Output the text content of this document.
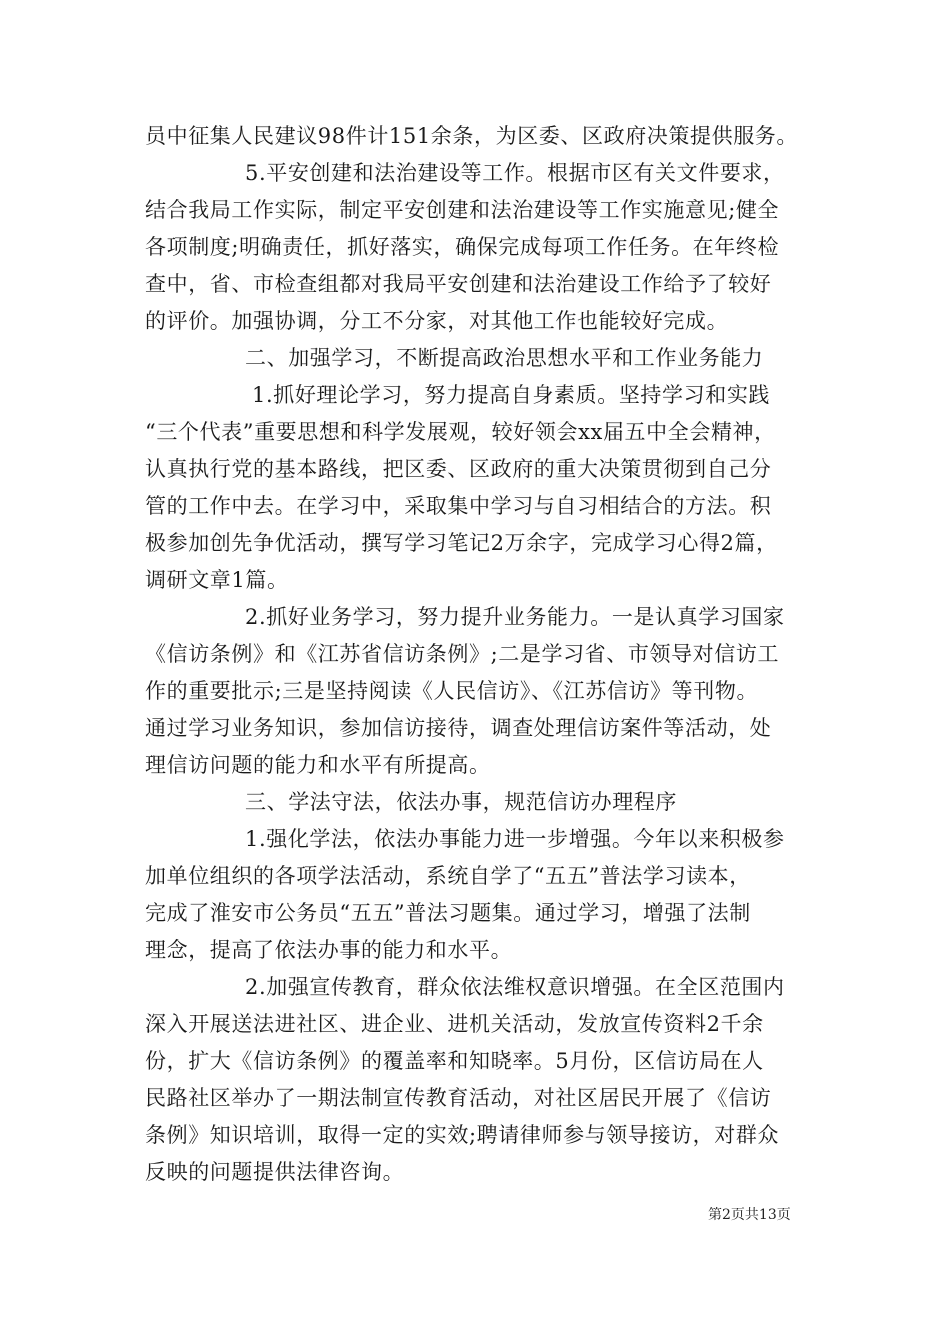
员中征集人民建议98件计151余条，为区委、区政府决策提供服务。
5.平安创建和法治建设等工作。根据市区有关文件要求，
结合我局工作实际，制定平安创建和法治建设等工作实施意见;健全
各项制度;明确责任，抓好落实，确保完成每项工作任务。在年终检
查中，省、市检查组都对我局平安创建和法治建设工作给予了较好
的评价。加强协调，分工不分家，对其他工作也能较好完成。
二、加强学习，不断提高政治思想水平和工作业务能力
1.抓好理论学习，努力提高自身素质。坚持学习和实践
“三个代表”重要思想和科学发展观，较好领会xx届五中全会精神，
认真执行党的基本路线，把区委、区政府的重大决策贯彻到自己分
管的工作中去。在学习中，采取集中学习与自习相结合的方法。积
极参加创先争优活动，撰写学习笔记2万余字，完成学习心得2篇，
调研文章1篇。
2.抓好业务学习，努力提升业务能力。一是认真学习国家
《信访条例》和《江苏省信访条例》;二是学习省、市领导对信访工
作的重要批示;三是坚持阅读《人民信访》、《江苏信访》等刊物。
通过学习业务知识，参加信访接待，调查处理信访案件等活动，处
理信访问题的能力和水平有所提高。
三、学法守法，依法办事，规范信访办理程序
1.强化学法，依法办事能力进一步增强。今年以来积极参
加单位组织的各项学法活动，系统自学了“五五”普法学习读本，
完成了淮安市公务员“五五”普法习题集。通过学习，增强了法制
理念，提高了依法办事的能力和水平。
2.加强宣传教育，群众依法维权意识增强。在全区范围内
深入开展送法进社区、进企业、进机关活动，发放宣传资料2千余
份，扩大《信访条例》的覆盖率和知晓率。5月份，区信访局在人
民路社区举办了一期法制宣传教育活动，对社区居民开展了《信访
条例》知识培训，取得一定的实效;聘请律师参与领导接访，对群众
反映的问题提供法律咨询。
第2页共13页
